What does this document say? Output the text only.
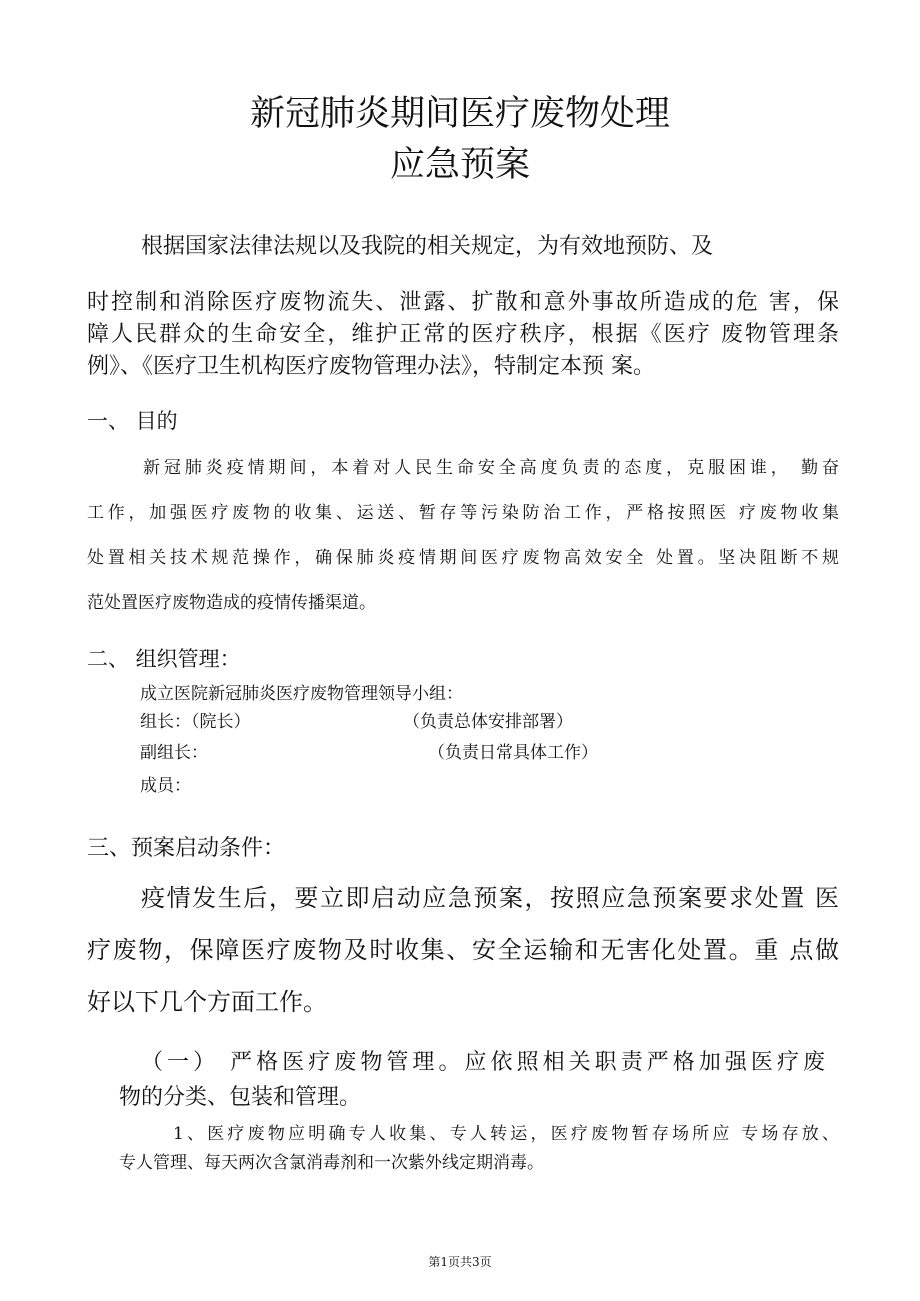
新冠肺炎期间医疗废物处理
应急预案
根据国家法律法规以及我院的相关规定，为有效地预防、及
时控制和消除医疗废物流失、泄露、扩散和意外事故所造成的危 害，保
障人民群众的生命安全，维护正常的医疗秩序，根据《医疗 废物管理条
例》、《医疗卫生机构医疗废物管理办法》，特制定本预 案。
一、 目的
新冠肺炎疫情期间，本着对人民生命安全高度负责的态度，克服困谁， 勤奋
工作，加强医疗废物的收集、运送、暂存等污染防治工作，严格按照医 疗废物收集
处置相关技术规范操作，确保肺炎疫情期间医疗废物高效安全 处置。坚决阻断不规
范处置医疗废物造成的疫情传播渠道。
二、 组织管理：
成立医院新冠肺炎医疗废物管理领导小组：
组长：（院长）	（负责总体安排部署）
副组长：	（负责日常具体工作）
成员：
三、预案启动条件：
疫情发生后，要立即启动应急预案，按照应急预案要求处置 医
疗废物，保障医疗废物及时收集、安全运输和无害化处置。重 点做
好以下几个方面工作。
（一） 严格医疗废物管理。应依照相关职责严格加强医疗废
物的分类、包装和管理。
1、医疗废物应明确专人收集、专人转运，医疗废物暂存场所应 专场存放、
专人管理、每天两次含氯消毒剂和一次紫外线定期消毒。
第1页共3页
